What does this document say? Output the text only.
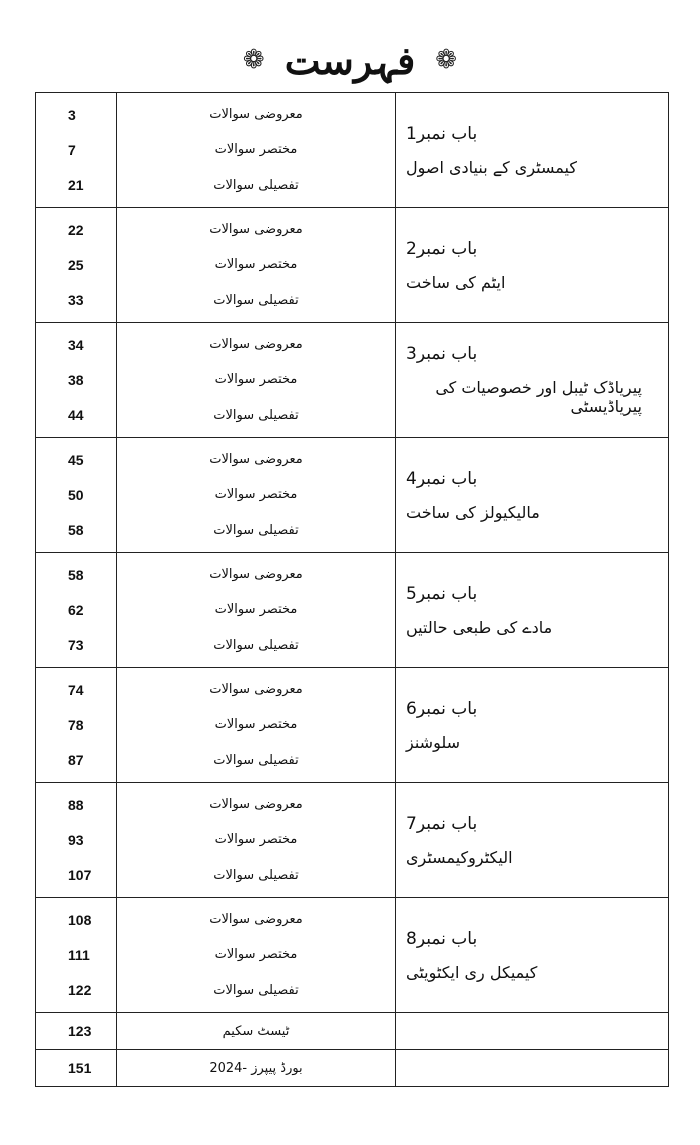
❁ فہرست ❁
3
7
21
معروضی سوالات
مختصر سوالات
تفصیلی سوالات
باب نمبر1
کیمسٹری کے بنیادی اصول
22
25
33
معروضی سوالات
مختصر سوالات
تفصیلی سوالات
باب نمبر2
ایٹم کی ساخت
34
38
44
معروضی سوالات
مختصر سوالات
تفصیلی سوالات
باب نمبر3
پیریاڈک ٹیبل اور خصوصیات کی پیریاڈیسٹی
45
50
58
معروضی سوالات
مختصر سوالات
تفصیلی سوالات
باب نمبر4
مالیکیولز کی ساخت
58
62
73
معروضی سوالات
مختصر سوالات
تفصیلی سوالات
باب نمبر5
مادے کی طبعی حالتیں
74
78
87
معروضی سوالات
مختصر سوالات
تفصیلی سوالات
باب نمبر6
سلوشنز
88
93
107
معروضی سوالات
مختصر سوالات
تفصیلی سوالات
باب نمبر7
الیکٹروکیمسٹری
108
111
122
معروضی سوالات
مختصر سوالات
تفصیلی سوالات
باب نمبر8
کیمیکل ری ایکٹویٹی
123	ٹیسٹ سکیم
151	بورڈ پیپرز -2024
